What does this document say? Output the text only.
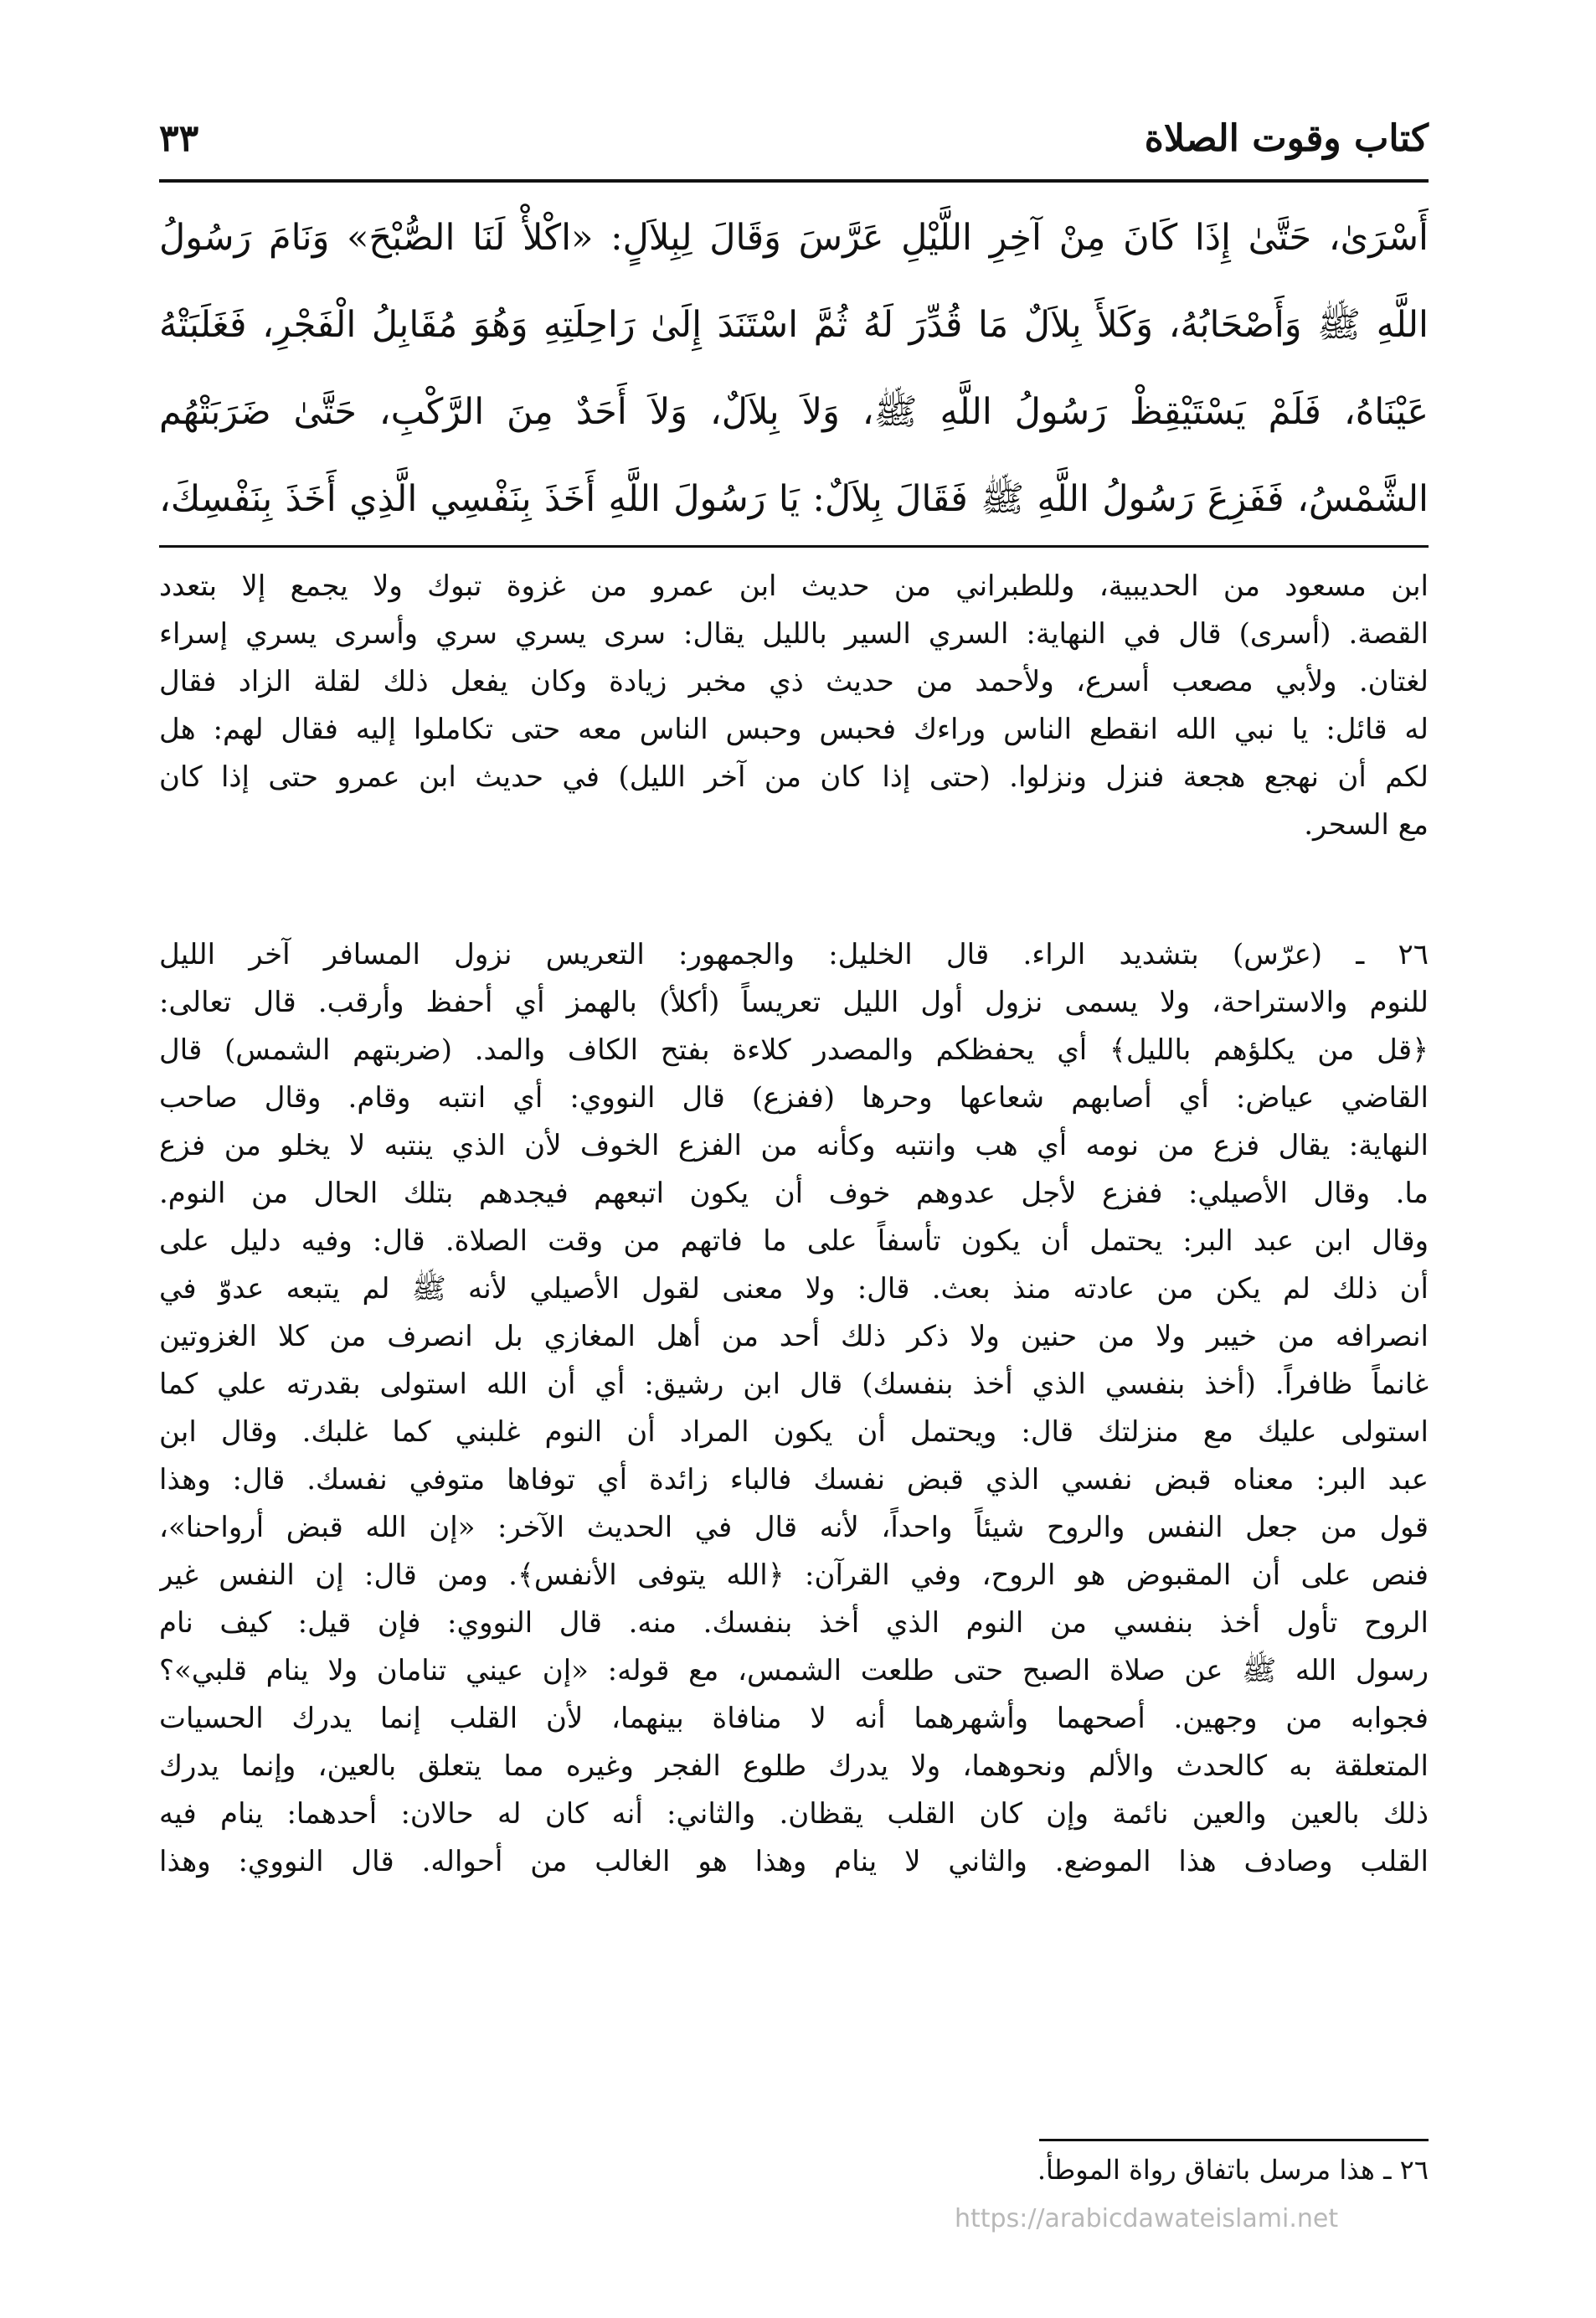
كتاب وقوت الصلاة
٣٣
أَسْرَىٰ، حَتَّىٰ إِذَا كَانَ مِنْ آخِرِ اللَّيْلِ عَرَّسَ وَقَالَ لِبِلاَلٍ: «اكْلأْ لَنَا الصُّبْحَ» وَنَامَ رَسُولُ
اللَّهِ ﷺ وَأَصْحَابُهُ، وَكَلأَ بِلاَلٌ مَا قُدِّرَ لَهُ ثُمَّ اسْتَنَدَ إِلَىٰ رَاحِلَتِهِ وَهُوَ مُقَابِلُ الْفَجْرِ، فَغَلَبَتْهُ
عَيْنَاهُ، فَلَمْ يَسْتَيْقِظْ رَسُولُ اللَّهِ ﷺ، وَلاَ بِلاَلٌ، وَلاَ أَحَدٌ مِنَ الرَّكْبِ، حَتَّىٰ ضَرَبَتْهُم
الشَّمْسُ، فَفَزِعَ رَسُولُ اللَّهِ ﷺ فَقَالَ بِلاَلٌ: يَا رَسُولَ اللَّهِ أَخَذَ بِنَفْسِي الَّذِي أَخَذَ بِنَفْسِكَ،
ابن مسعود من الحديبية، وللطبراني من حديث ابن عمرو من غزوة تبوك ولا يجمع إلا بتعدد
القصة. (أسرى) قال في النهاية: السري السير بالليل يقال: سرى يسري سري وأسرى يسري إسراء
لغتان. ولأبي مصعب أسرع، ولأحمد من حديث ذي مخبر زيادة وكان يفعل ذلك لقلة الزاد فقال
له قائل: يا نبي الله انقطع الناس وراءك فحبس وحبس الناس معه حتى تكاملوا إليه فقال لهم: هل
لكم أن نهجع هجعة فنزل ونزلوا. (حتى إذا كان من آخر الليل) في حديث ابن عمرو حتى إذا كان
مع السحر.
٢٦ ـ (عرّس) بتشديد الراء. قال الخليل: والجمهور: التعريس نزول المسافر آخر الليل
للنوم والاستراحة، ولا يسمى نزول أول الليل تعريساً (أكلأ) بالهمز أي أحفظ وأرقب. قال تعالى:
﴿قل من يكلؤهم بالليل﴾ أي يحفظكم والمصدر كلاءة بفتح الكاف والمد. (ضربتهم الشمس) قال
القاضي عياض: أي أصابهم شعاعها وحرها (ففزع) قال النووي: أي انتبه وقام. وقال صاحب
النهاية: يقال فزع من نومه أي هب وانتبه وكأنه من الفزع الخوف لأن الذي ينتبه لا يخلو من فزع
ما. وقال الأصيلي: ففزع لأجل عدوهم خوف أن يكون اتبعهم فيجدهم بتلك الحال من النوم.
وقال ابن عبد البر: يحتمل أن يكون تأسفاً على ما فاتهم من وقت الصلاة. قال: وفيه دليل على
أن ذلك لم يكن من عادته منذ بعث. قال: ولا معنى لقول الأصيلي لأنه ﷺ لم يتبعه عدوّ في
انصرافه من خيبر ولا من حنين ولا ذكر ذلك أحد من أهل المغازي بل انصرف من كلا الغزوتين
غانماً ظافراً. (أخذ بنفسي الذي أخذ بنفسك) قال ابن رشيق: أي أن الله استولى بقدرته علي كما
استولى عليك مع منزلتك قال: ويحتمل أن يكون المراد أن النوم غلبني كما غلبك. وقال ابن
عبد البر: معناه قبض نفسي الذي قبض نفسك فالباء زائدة أي توفاها متوفي نفسك. قال: وهذا
قول من جعل النفس والروح شيئاً واحداً، لأنه قال في الحديث الآخر: «إن الله قبض أرواحنا»،
فنص على أن المقبوض هو الروح، وفي القرآن: ﴿الله يتوفى الأنفس﴾. ومن قال: إن النفس غير
الروح تأول أخذ بنفسي من النوم الذي أخذ بنفسك. منه. قال النووي: فإن قيل: كيف نام
رسول الله ﷺ عن صلاة الصبح حتى طلعت الشمس، مع قوله: «إن عيني تنامان ولا ينام قلبي»؟
فجوابه من وجهين. أصحهما وأشهرهما أنه لا منافاة بينهما، لأن القلب إنما يدرك الحسيات
المتعلقة به كالحدث والألم ونحوهما، ولا يدرك طلوع الفجر وغيره مما يتعلق بالعين، وإنما يدرك
ذلك بالعين والعين نائمة وإن كان القلب يقظان. والثاني: أنه كان له حالان: أحدهما: ينام فيه
القلب وصادف هذا الموضع. والثاني لا ينام وهذا هو الغالب من أحواله. قال النووي: وهذا
٢٦ ـ هذا مرسل باتفاق رواة الموطأ.
https://arabicdawateislami.net
